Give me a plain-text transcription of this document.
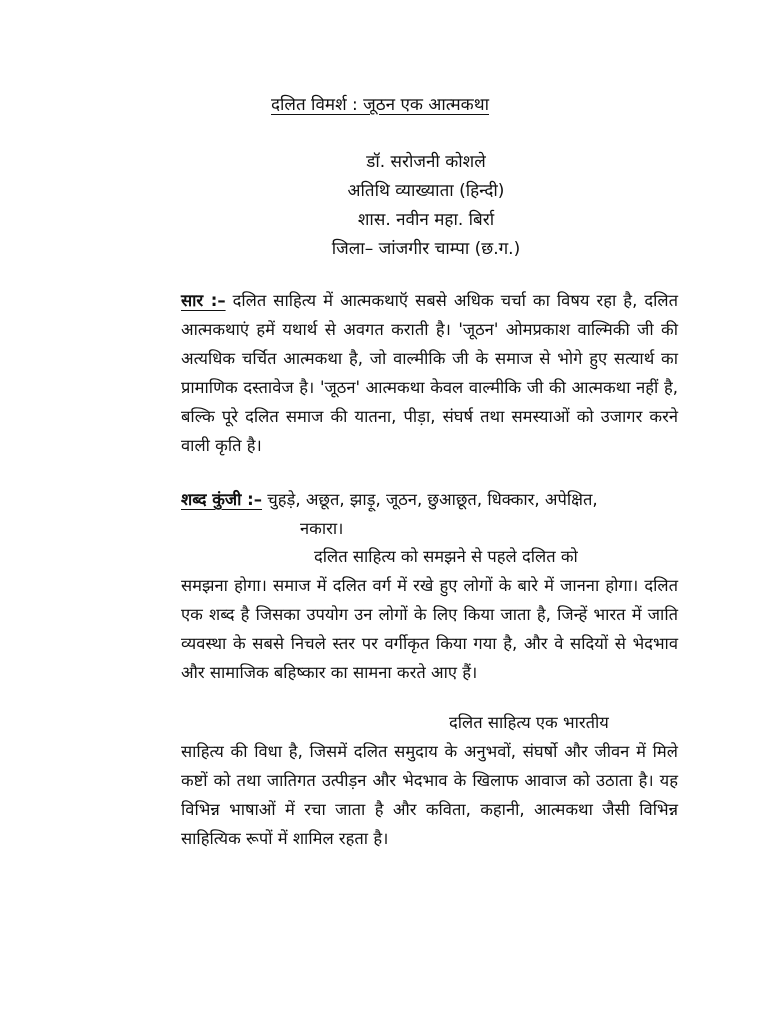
दलित विमर्श : जूठन एक आत्मकथा
डॉ. सरोजनी कोशले
अतिथि व्याख्याता (हिन्दी)
शास. नवीन महा. बिर्रा
जिला– जांजगीर चाम्पा (छ.ग.)
सार :– दलित साहित्य में आत्मकथाऍ सबसे अधिक चर्चा का विषय रहा है, दलित आत्मकथाएं हमें यथार्थ से अवगत कराती है। 'जूठन' ओमप्रकाश वाल्मिकी जी की अत्यधिक चर्चित आत्मकथा है, जो वाल्मीकि जी के समाज से भोगे हुए सत्यार्थ का प्रामाणिक दस्तावेज है। 'जूठन' आत्मकथा केवल वाल्मीकि जी की आत्मकथा नहीं है, बल्कि पूरे दलित समाज की यातना, पीड़ा, संघर्ष तथा समस्याओं को उजागर करने वाली कृति है।
शब्द कुंजी :– चुहड़े, अछूत, झाड़ू, जूठन, छुआछूत, धिक्कार, अपेक्षित,
नकारा।
दलित साहित्य को समझने से पहले दलित को
समझना होगा। समाज में दलित वर्ग में रखे हुए लोगों के बारे में जानना होगा। दलित एक शब्द है जिसका उपयोग उन लोगों के लिए किया जाता है, जिन्हें भारत में जाति व्यवस्था के सबसे निचले स्तर पर वर्गीकृत किया गया है, और वे सदियों से भेदभाव और सामाजिक बहिष्कार का सामना करते आए हैं।
दलित साहित्य एक भारतीय
साहित्य की विधा है, जिसमें दलित समुदाय के अनुभवों, संघर्षो और जीवन में मिले कष्टों को तथा जातिगत उत्पीड़न और भेदभाव के खिलाफ आवाज को उठाता है। यह विभिन्न भाषाओं में रचा जाता है और कविता, कहानी, आत्मकथा जैसी विभिन्न साहित्यिक रूपों में शामिल रहता है।
